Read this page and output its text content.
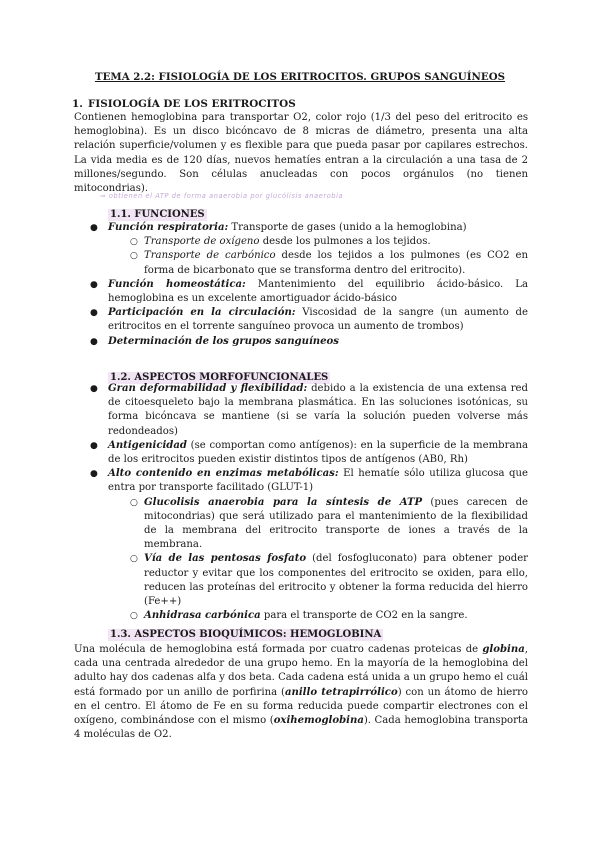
TEMA 2.2: FISIOLOGÍA DE LOS ERITROCITOS. GRUPOS SANGUÍNEOS
1. FISIOLOGÍA DE LOS ERITROCITOS

Contienen hemoglobina para transportar O2, color rojo (1/3 del peso del eritrocito es hemoglobina). Es un disco bicóncavo de 8 micras de diámetro, presenta una alta relación superficie/volumen y es flexible para que pueda pasar por capilares estrechos. La vida media es de 120 días, nuevos hematíes entran a la circulación a una tasa de 2 millones/segundo. Son células anucleadas con pocos orgánulos (no tienen mitocondrias).

⇒ obtienen el ATP de forma anaerobia por glucólisis anaerobia
1.1. FUNCIONES
● Función respiratoria: Transporte de gases (unido a la hemoglobina)
○ Transporte de oxígeno desde los pulmones a los tejidos.
○ Transporte de carbónico desde los tejidos a los pulmones (es CO2 en forma de bicarbonato que se transforma dentro del eritrocito).
● Función homeostática: Mantenimiento del equilibrio ácido-básico. La hemoglobina es un excelente amortiguador ácido-básico
● Participación en la circulación: Viscosidad de la sangre (un aumento de eritrocitos en el torrente sanguíneo provoca un aumento de trombos)
● Determinación de los grupos sanguíneos
1.2. ASPECTOS MORFOFUNCIONALES
● Gran deformabilidad y flexibilidad: debido a la existencia de una extensa red de citoesqueleto bajo la membrana plasmática. En las soluciones isotónicas, su forma bicóncava se mantiene (si se varía la solución pueden volverse más redondeados)
● Antigenicidad (se comportan como antígenos): en la superficie de la membrana de los eritrocitos pueden existir distintos tipos de antígenos (AB0, Rh)
● Alto contenido en enzimas metabólicas: El hematíe sólo utiliza glucosa que entra por transporte facilitado (GLUT-1)
○ Glucolisis anaerobia para la síntesis de ATP (pues carecen de mitocondrias) que será utilizado para el mantenimiento de la flexibilidad de la membrana del eritrocito transporte de iones a través de la membrana.
○ Vía de las pentosas fosfato (del fosfogluconato) para obtener poder reductor y evitar que los componentes del eritrocito se oxiden, para ello, reducen las proteínas del eritrocito y obtener la forma reducida del hierro (Fe++)
○ Anhidrasa carbónica para el transporte de CO2 en la sangre.
1.3. ASPECTOS BIOQUÍMICOS: HEMOGLOBINA

Una molécula de hemoglobina está formada por cuatro cadenas proteicas de globina, cada una centrada alrededor de una grupo hemo. En la mayoría de la hemoglobina del adulto hay dos cadenas alfa y dos beta. Cada cadena está unida a un grupo hemo el cuál está formado por un anillo de porfirina (anillo tetrapirrólico) con un átomo de hierro en el centro. El átomo de Fe en su forma reducida puede compartir electrones con el oxígeno, combinándose con el mismo (oxihemoglobina). Cada hemoglobina transporta 4 moléculas de O2.
